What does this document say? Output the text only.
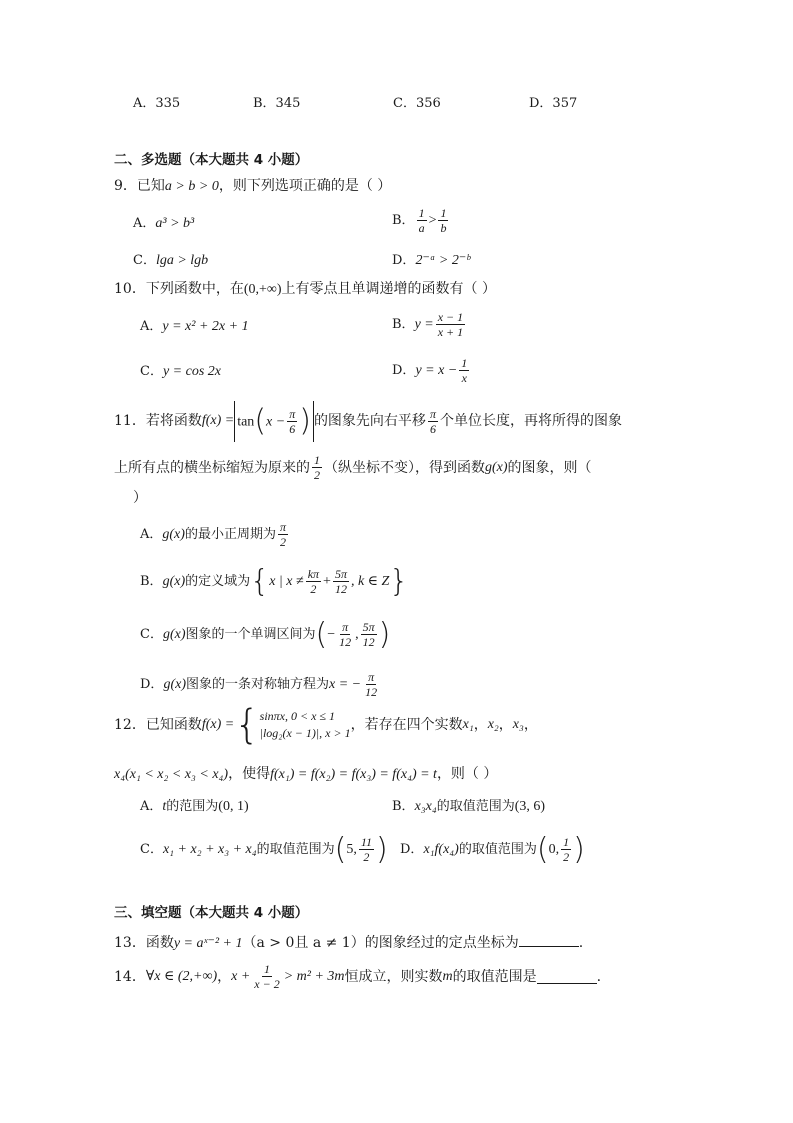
A．335	B．345	C．356	D．357
二、多选题（本大题共 4 小题）
9．已知a > b > 0，则下列选项正确的是（ ）
A．a³ > b³	B． $\frac{1}{a} > \frac{1}{b}$
C．lga > lgb	D．2⁻ᵃ > 2⁻ᵇ
10．下列函数中，在(0,+∞)上有零点且单调递增的函数有（ ）
A．y = x² + 2x + 1	B．$y = \frac{x - 1}{x + 1}$
C．y = cos 2x	D．$y = x - \frac{1}{x}$
11．若将函数 $f(x) = \tan(x - \frac{\pi}{6}$ ) 的图象先向右平移 $\frac{\pi}{6}$ 个单位长度，再将所得的图象
上所有点的横坐标缩短为原来的 $\frac{1}{2}$ （纵坐标不变），得到函数 g(x) 的图象，则（
）
A． g(x) 的最小正周期为 $\frac{\pi}{2}$
B． g(x) 的定义域为 { x | $x \ne \frac{k\pi}{2} + \frac{5\pi}{12}$ , k ∈ Z }
C． g(x) 图象的一个单调区间为 ( − $\frac{\pi}{12}$ , $\frac{5\pi}{12}$ )
D． g(x) 图象的一条对称轴方程为 x = − $\frac{\pi}{12}$
12．已知函数 f(x) = { sinπx, 0 < x ≤ 1
|log₂(x − 1)|, x > 1 ，若存在四个实数 x₁ ， x₂ ， x₃ ，
x₄(x₁ < x₂ < x₃ < x₄)，使得f(x₁) = f(x₂) = f(x₃) = f(x₄) = t，则（ ）
A．t的范围为(0, 1)	B．x₃x₄的取值范围为(3, 6)
C． x₁ + x₂ + x₃ + x₄ 的取值范围为 ( 5, $\frac{11}{2}$ ) D． x₁f(x₄) 的取值范围为 ( 0, $\frac{1}{2}$ )
三、填空题（本大题共 4 小题）
13．函数y = aˣ⁻² + 1（a > 0且 a ≠ 1）的图象经过的定点坐标为	.
14． ∀x ∈ (2,+∞) ， $x + \frac{1}{x - 2} > m^2 + 3m$ 恒成立，则实数 m 的取值范围是	.
